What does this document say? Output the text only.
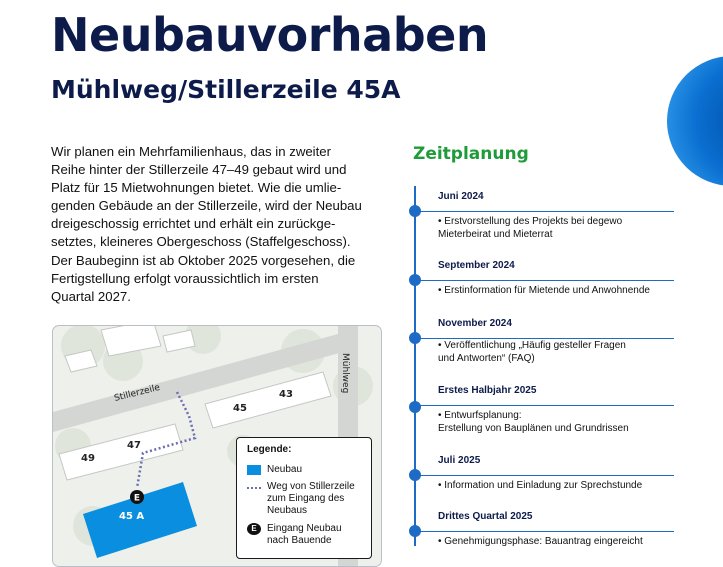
Neubauvorhaben
Mühlweg/Stillerzeile 45A
Wir planen ein Mehrfamilienhaus, das in zweiter
Reihe hinter der Stillerzeile 47–49 gebaut wird und
Platz für 15 Mietwohnungen bietet. Wie die umlie-
genden Gebäude an der Stillerzeile, wird der Neubau
dreigeschossig errichtet und erhält ein zurückge-
setztes, kleineres Obergeschoss (Staffelgeschoss).
Der Baubeginn ist ab Oktober 2025 vorgesehen, die
Fertigstellung erfolgt voraussichtlich im ersten
Quartal 2027.
E
Stillerzeile
Mühlweg
43
45
47
49
45 A
Legende:
Neubau
Weg von Stillerzeile
zum Eingang des
Neubaus
E	Eingang Neubau
nach Bauende
Zeitplanung
Juni 2024
• Erstvorstellung des Projekts bei degewo
Mieterbeirat und Mieterrat
September 2024
• Erstinformation für Mietende und Anwohnende
November 2024
• Veröffentlichung „Häufig gesteller Fragen
und Antworten“ (FAQ)
Erstes Halbjahr 2025
• Entwurfsplanung:
Erstellung von Bauplänen und Grundrissen
Juli 2025
• Information und Einladung zur Sprechstunde
Drittes Quartal 2025
• Genehmigungsphase: Bauantrag eingereicht
